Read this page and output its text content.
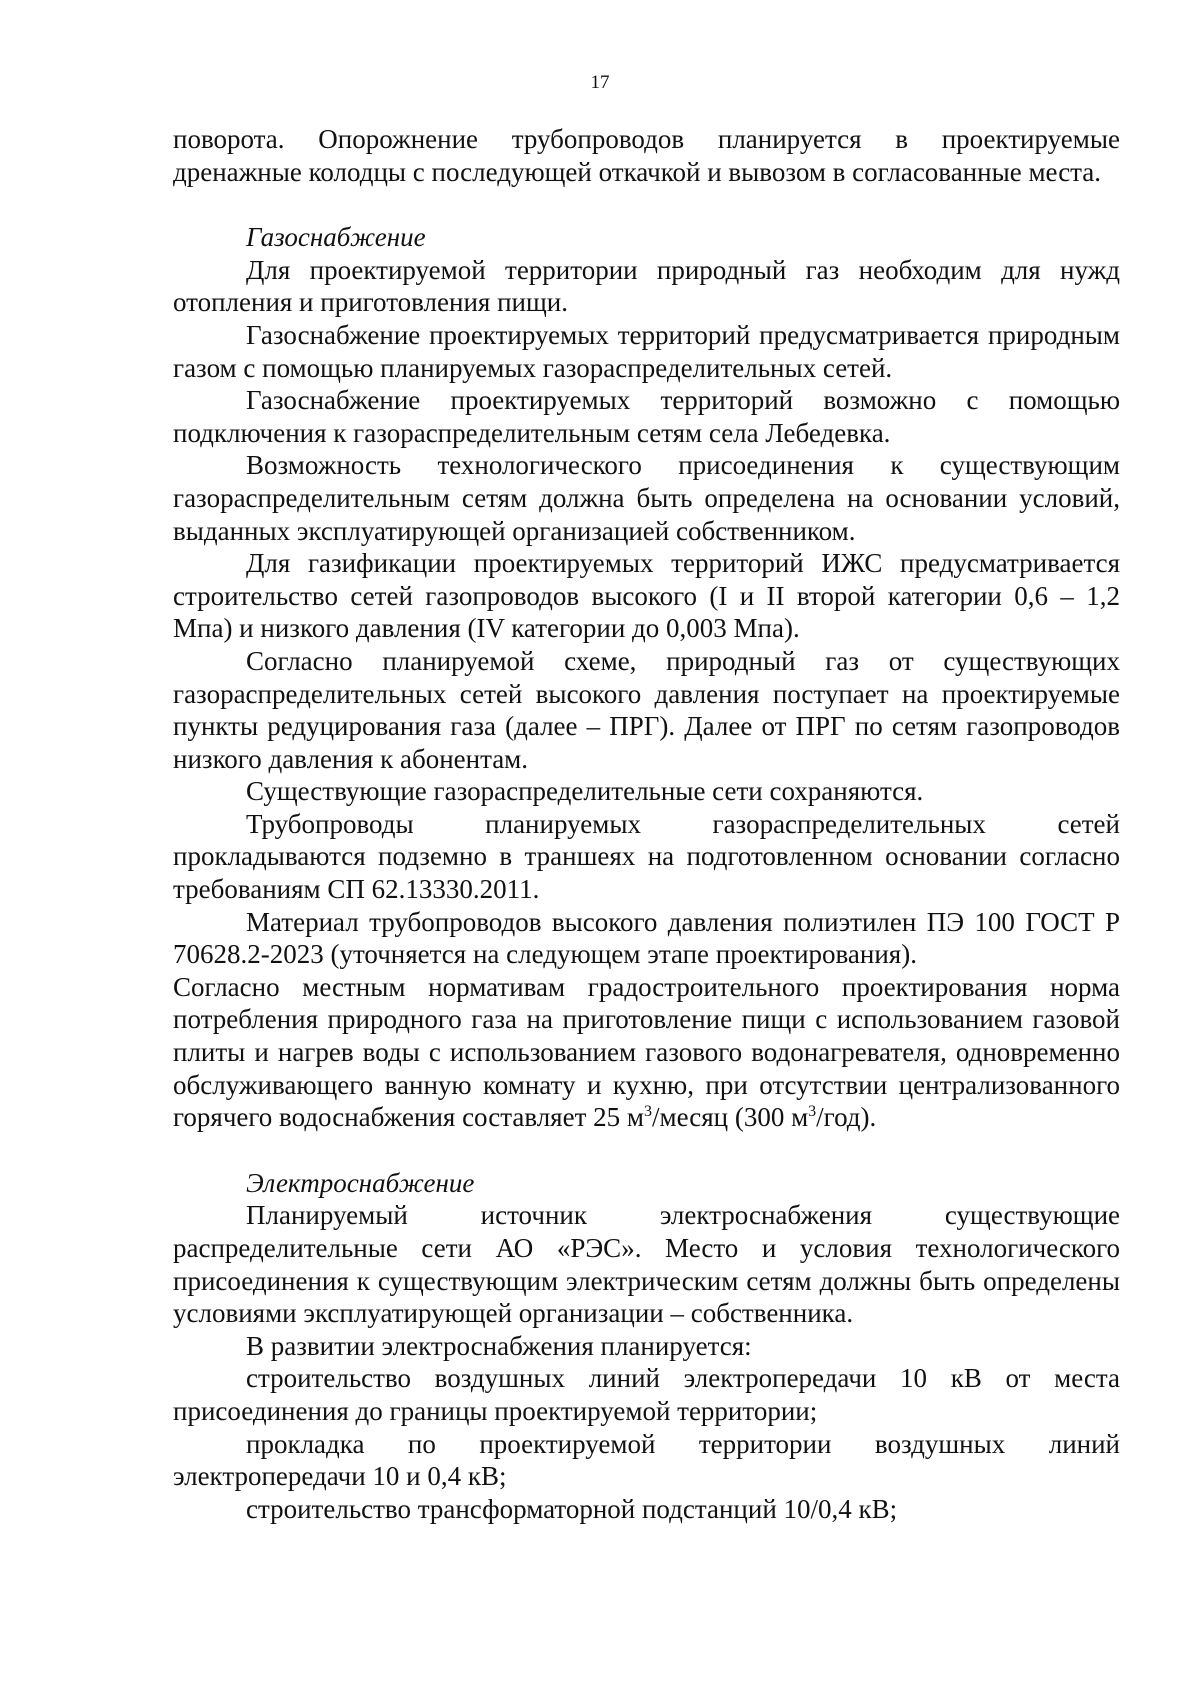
17

поворота. Опорожнение трубопроводов планируется в проектируемые дренажные колодцы с последующей откачкой и вывозом в согласованные места.

Газоснабжение

Для проектируемой территории природный газ необходим для нужд отопления и приготовления пищи.

Газоснабжение проектируемых территорий предусматривается природным газом с помощью планируемых газораспределительных сетей.

Газоснабжение проектируемых территорий возможно с помощью подключения к газораспределительным сетям села Лебедевка.

Возможность технологического присоединения к существующим газораспределительным сетям должна быть определена на основании условий, выданных эксплуатирующей организацией собственником.

Для газификации проектируемых территорий ИЖС предусматривается строительство сетей газопроводов высокого (I и II второй категории 0,6 – 1,2 Мпа) и низкого давления (IV категории до 0,003 Мпа).

Согласно планируемой схеме, природный газ от существующих газораспределительных сетей высокого давления поступает на проектируемые пункты редуцирования газа (далее – ПРГ). Далее от ПРГ по сетям газопроводов низкого давления к абонентам.

Существующие газораспределительные сети сохраняются.

Трубопроводы планируемых газораспределительных сетей прокладываются подземно в траншеях на подготовленном основании согласно требованиям СП 62.13330.2011.

Материал трубопроводов высокого давления полиэтилен ПЭ 100 ГОСТ Р 70628.2-2023 (уточняется на следующем этапе проектирования).

Согласно местным нормативам градостроительного проектирования норма потребления природного газа на приготовление пищи с использованием газовой плиты и нагрев воды с использованием газового водонагревателя, одновременно обслуживающего ванную комнату и кухню, при отсутствии централизованного горячего водоснабжения составляет 25 $м^3$/месяц (300 $м^3/год$).

Электроснабжение

Планируемый источник электроснабжения существующие распределительные сети АО «РЭС». Место и условия технологического присоединения к существующим электрическим сетям должны быть определены условиями эксплуатирующей организации – собственника.

В развитии электроснабжения планируется:

строительство воздушных линий электропередачи 10 кВ от места присоединения до границы проектируемой территории;

прокладка по проектируемой территории воздушных линий электропередачи 10 и 0,4 кВ;

строительство трансформаторной подстанций 10/0,4 кВ;
